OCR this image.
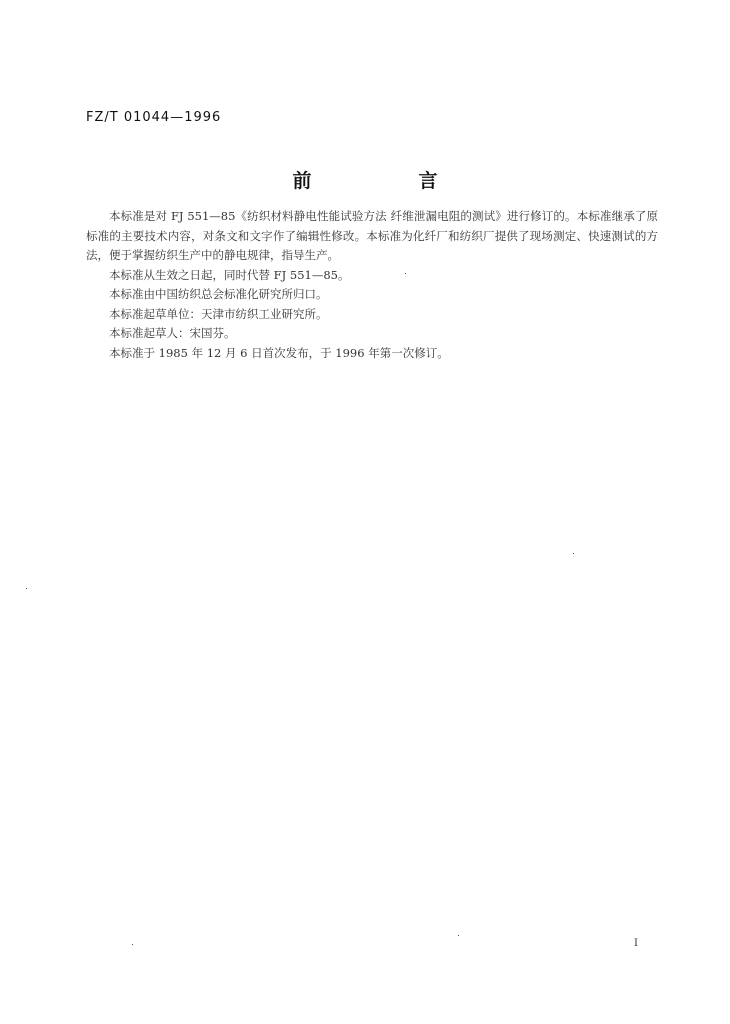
FZ/T 01044—1996
前　言

本标准是对 FJ 551—85《纺织材料静电性能试验方法 纤维泄漏电阻的测试》进行修订的。本标准继承了原标准的主要技术内容，对条文和文字作了编辑性修改。本标准为化纤厂和纺织厂提供了现场测定、快速测试的方法，便于掌握纺织生产中的静电规律，指导生产。

本标准从生效之日起，同时代替 FJ 551—85。

本标准由中国纺织总会标准化研究所归口。

本标准起草单位：天津市纺织工业研究所。

本标准起草人：宋国芬。

本标准于 1985 年 12 月 6 日首次发布，于 1996 年第一次修订。

I
